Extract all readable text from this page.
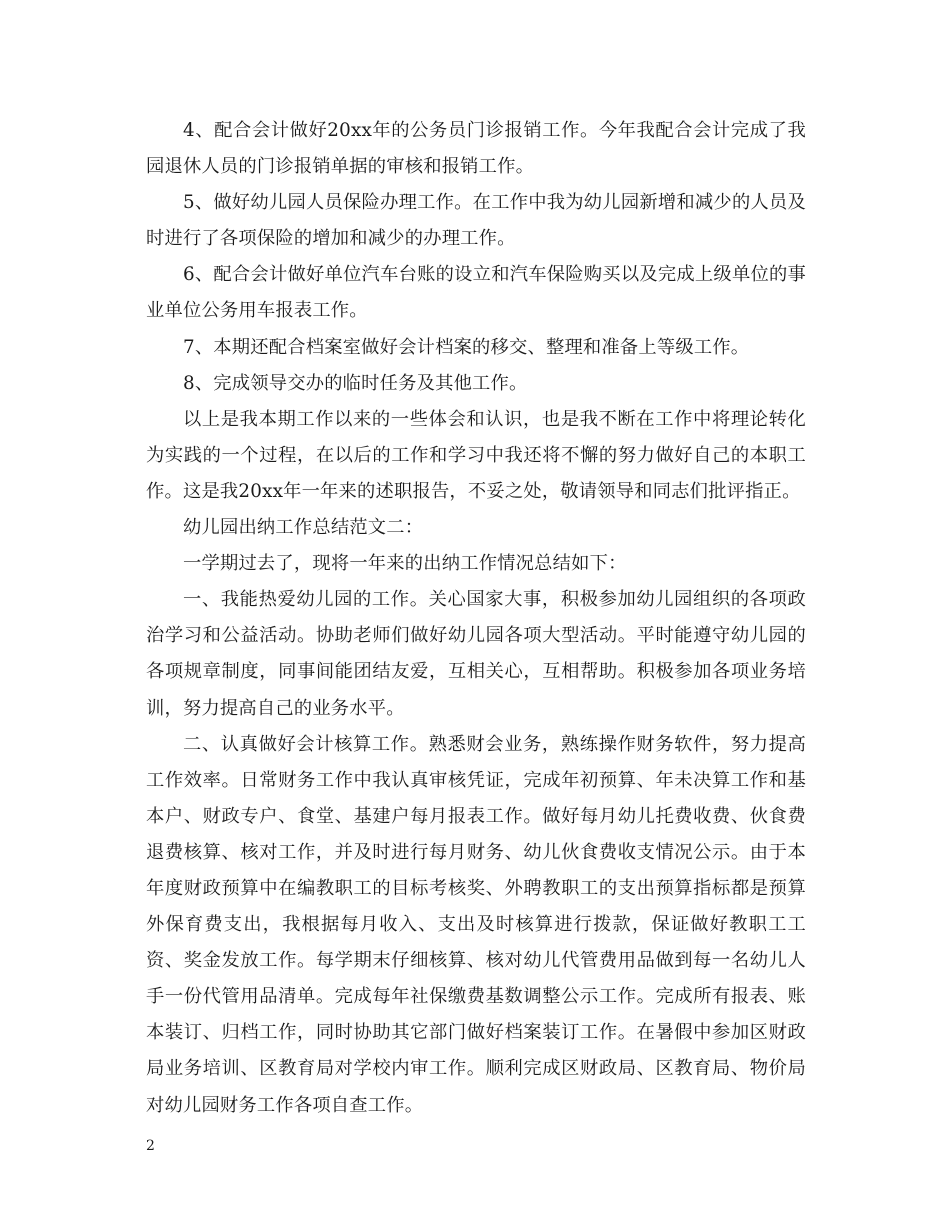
4、配合会计做好20xx年的公务员门诊报销工作。今年我配合会计完成了我园退休人员的门诊报销单据的审核和报销工作。

5、做好幼儿园人员保险办理工作。在工作中我为幼儿园新增和减少的人员及时进行了各项保险的增加和减少的办理工作。

6、配合会计做好单位汽车台账的设立和汽车保险购买以及完成上级单位的事业单位公务用车报表工作。

7、本期还配合档案室做好会计档案的移交、整理和准备上等级工作。

8、完成领导交办的临时任务及其他工作。

以上是我本期工作以来的一些体会和认识，也是我不断在工作中将理论转化为实践的一个过程，在以后的工作和学习中我还将不懈的努力做好自己的本职工作。这是我20xx年一年来的述职报告，不妥之处，敬请领导和同志们批评指正。

幼儿园出纳工作总结范文二：

一学期过去了，现将一年来的出纳工作情况总结如下：

一、我能热爱幼儿园的工作。关心国家大事，积极参加幼儿园组织的各项政治学习和公益活动。协助老师们做好幼儿园各项大型活动。平时能遵守幼儿园的各项规章制度，同事间能团结友爱，互相关心，互相帮助。积极参加各项业务培训，努力提高自己的业务水平。

二、认真做好会计核算工作。熟悉财会业务，熟练操作财务软件，努力提高工作效率。日常财务工作中我认真审核凭证，完成年初预算、年未决算工作和基本户、财政专户、食堂、基建户每月报表工作。做好每月幼儿托费收费、伙食费退费核算、核对工作，并及时进行每月财务、幼儿伙食费收支情况公示。由于本年度财政预算中在编教职工的目标考核奖、外聘教职工的支出预算指标都是预算外保育费支出，我根据每月收入、支出及时核算进行拨款，保证做好教职工工资、奖金发放工作。每学期末仔细核算、核对幼儿代管费用品做到每一名幼儿人手一份代管用品清单。完成每年社保缴费基数调整公示工作。完成所有报表、账本装订、归档工作，同时协助其它部门做好档案装订工作。在暑假中参加区财政局业务培训、区教育局对学校内审工作。顺利完成区财政局、区教育局、物价局对幼儿园财务工作各项自查工作。

2
